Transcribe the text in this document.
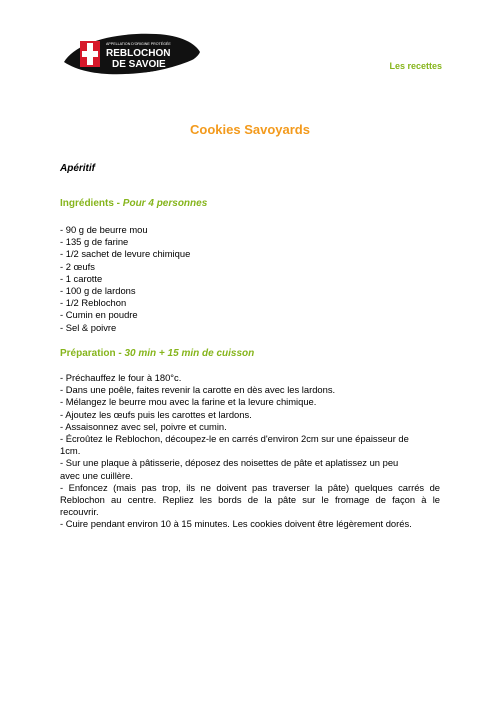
APPELLATION D'ORIGINE PROTÉGÉE
REBLOCHON
DE SAVOIE	Les recettes
Cookies Savoyards
Apéritif
Ingrédients - Pour 4 personnes
- 90 g de beurre mou
- 135 g de farine
- 1/2 sachet de levure chimique
- 2 œufs
- 1 carotte
- 100 g de lardons
- 1/2 Reblochon
- Cumin en poudre
- Sel & poivre
Préparation - 30 min + 15 min de cuisson
- Préchauffez le four à 180°c.
- Dans une poêle, faites revenir la carotte en dès avec les lardons.
- Mélangez le beurre mou avec la farine et la levure chimique.
- Ajoutez les œufs puis les carottes et lardons.
- Assaisonnez avec sel, poivre et cumin.
- Écroûtez le Reblochon, découpez-le en carrés d'environ 2cm sur une épaisseur de
1cm.
- Sur une plaque à pâtisserie, déposez des noisettes de pâte et aplatissez un peu
avec une cuillère.
- Enfoncez (mais pas trop, ils ne doivent pas traverser la pâte) quelques carrés de
Reblochon au centre. Repliez les bords de la pâte sur le fromage de façon à le
recouvrir.
- Cuire pendant environ 10 à 15 minutes. Les cookies doivent être légèrement dorés.
